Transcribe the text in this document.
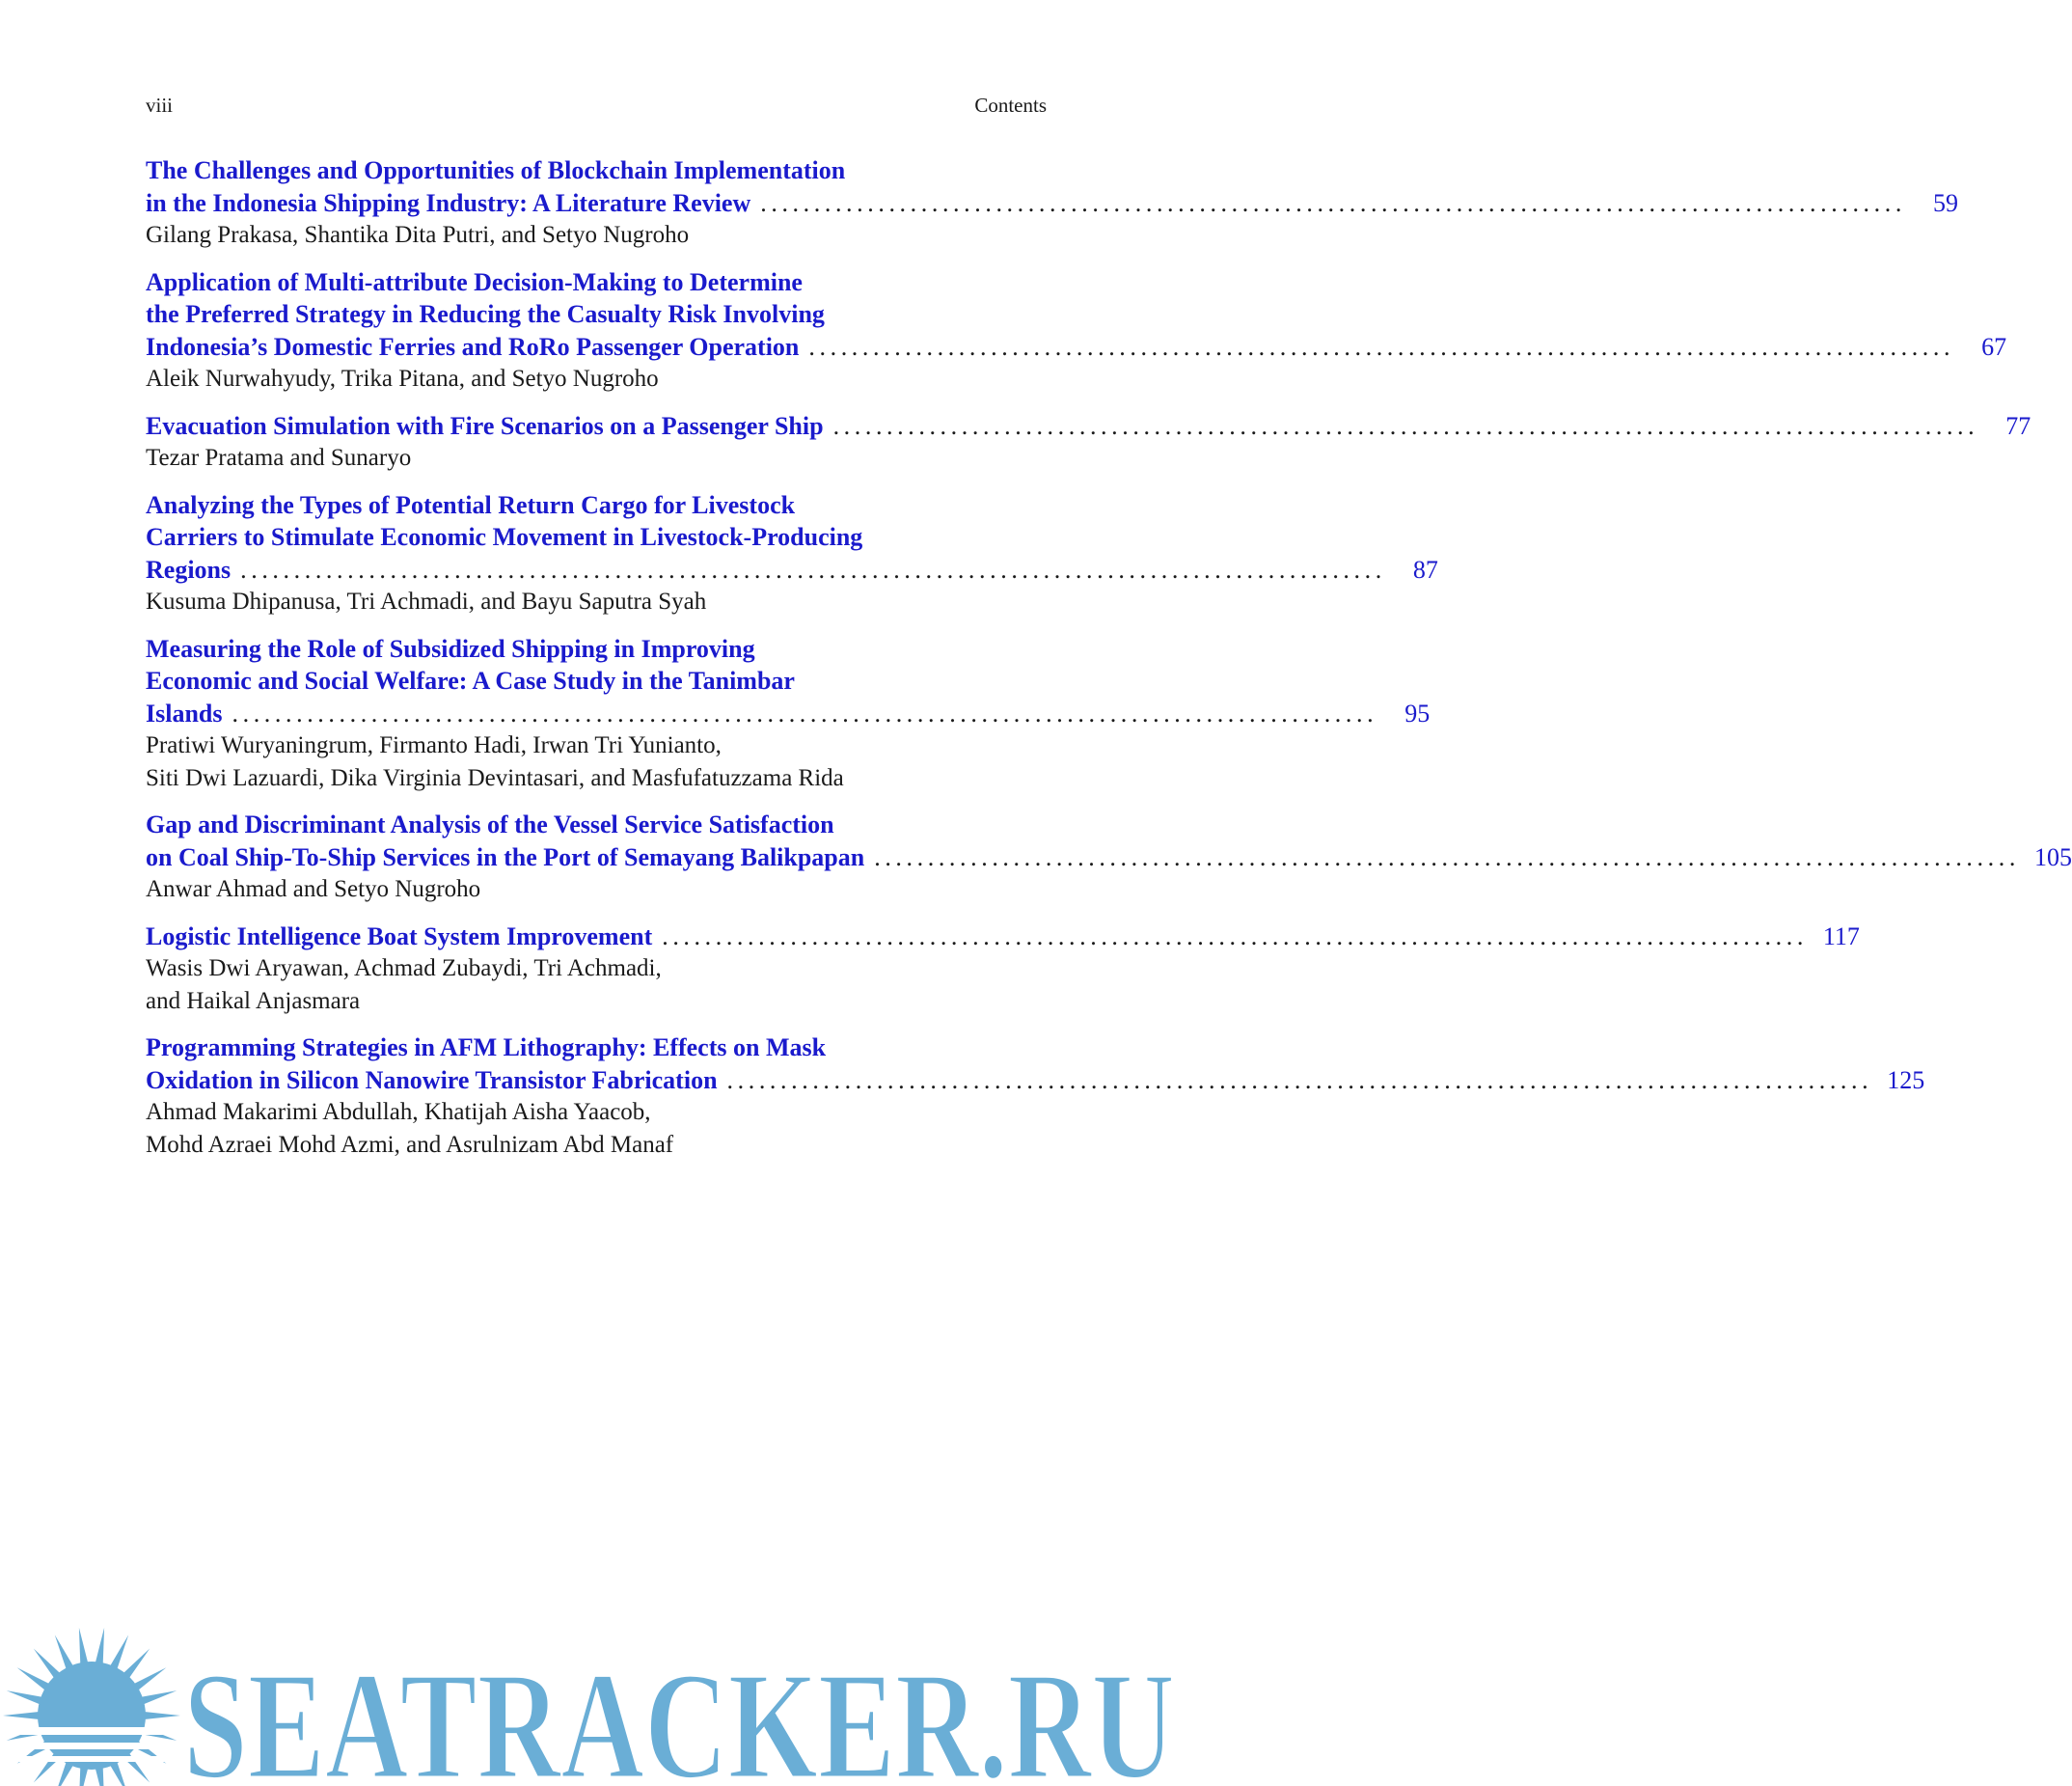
viii	Contents
The Challenges and Opportunities of Blockchain Implementation
in the Indonesia Shipping Industry: A Literature Review ...........................................................................................................	59
Gilang Prakasa, Shantika Dita Putri, and Setyo Nugroho
Application of Multi-attribute Decision-Making to Determine
the Preferred Strategy in Reducing the Casualty Risk Involving
Indonesia’s Domestic Ferries and RoRo Passenger Operation ...........................................................................................................	67
Aleik Nurwahyudy, Trika Pitana, and Setyo Nugroho
Evacuation Simulation with Fire Scenarios on a Passenger Ship ...........................................................................................................	77
Tezar Pratama and Sunaryo
Analyzing the Types of Potential Return Cargo for Livestock
Carriers to Stimulate Economic Movement in Livestock-Producing
Regions ...........................................................................................................	87
Kusuma Dhipanusa, Tri Achmadi, and Bayu Saputra Syah
Measuring the Role of Subsidized Shipping in Improving
Economic and Social Welfare: A Case Study in the Tanimbar
Islands ...........................................................................................................	95
Pratiwi Wuryaningrum, Firmanto Hadi, Irwan Tri Yunianto,
Siti Dwi Lazuardi, Dika Virginia Devintasari, and Masfufatuzzama Rida
Gap and Discriminant Analysis of the Vessel Service Satisfaction
on Coal Ship-To-Ship Services in the Port of Semayang Balikpapan ........................................................................................................... 105
Anwar Ahmad and Setyo Nugroho
Logistic Intelligence Boat System Improvement ........................................................................................................... 117
Wasis Dwi Aryawan, Achmad Zubaydi, Tri Achmadi,
and Haikal Anjasmara
Programming Strategies in AFM Lithography: Effects on Mask
Oxidation in Silicon Nanowire Transistor Fabrication ........................................................................................................... 125
Ahmad Makarimi Abdullah, Khatijah Aisha Yaacob,
Mohd Azraei Mohd Azmi, and Asrulnizam Abd Manaf
SEATRACKER.RU
